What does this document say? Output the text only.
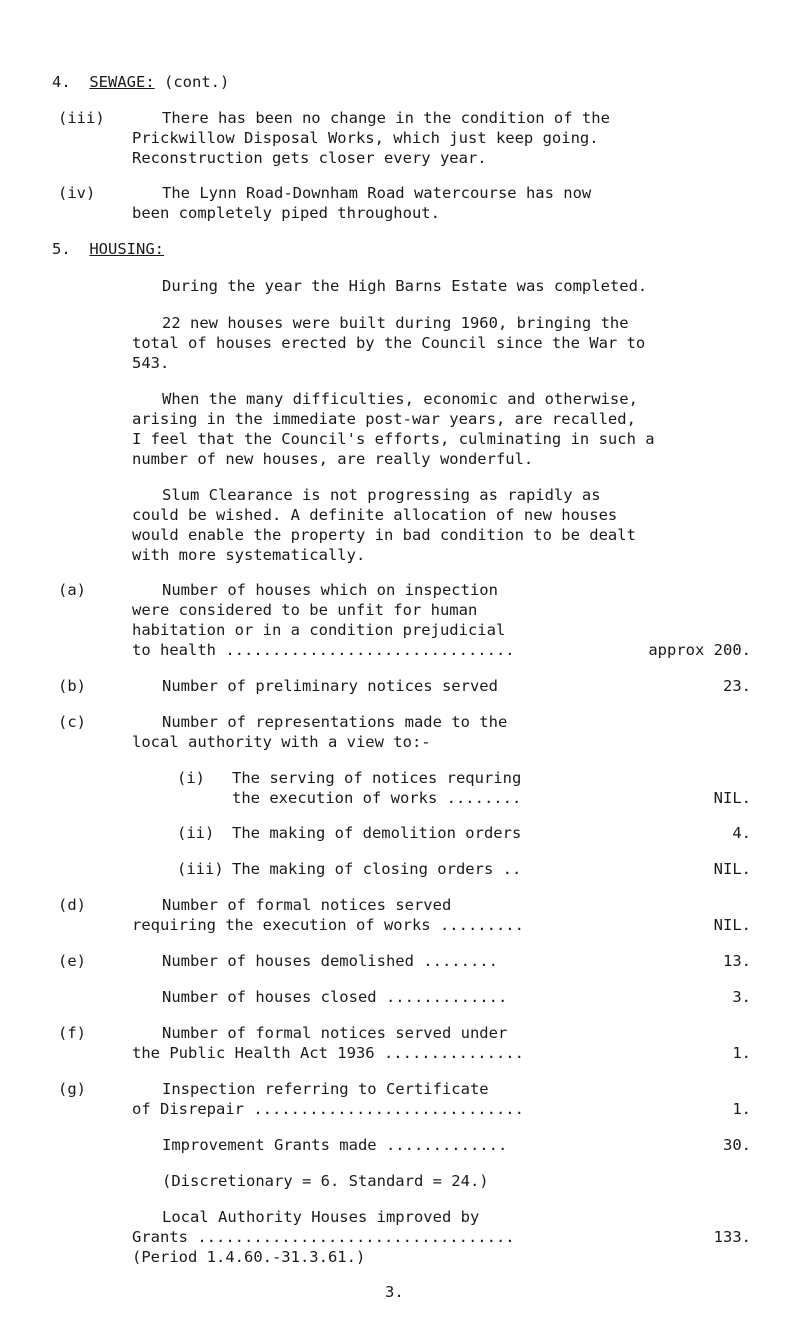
4. SEWAGE: (cont.)
(iii)	There has been no change in the condition of the
Prickwillow Disposal Works, which just keep going.
Reconstruction gets closer every year.
(iv)	The Lynn Road-Downham Road watercourse has now
been completely piped throughout.
5. HOUSING:
During the year the High Barns Estate was completed.
22 new houses were built during 1960, bringing the
total of houses erected by the Council since the War to
543.
When the many difficulties, economic and otherwise,
arising in the immediate post-war years, are recalled,
I feel that the Council's efforts, culminating in such a
number of new houses, are really wonderful.
Slum Clearance is not progressing as rapidly as
could be wished. A definite allocation of new houses
would enable the property in bad condition to be dealt
with more systematically.
(a)	Number of houses which on inspection
were considered to be unfit for human
habitation or in a condition prejudicial
to health ...............................	approx 200.
(b)	Number of preliminary notices served	23.
(c)	Number of representations made to the
local authority with a view to:-
(i) The serving of notices requring
the execution of works ........	NIL.
(ii) The making of demolition orders	4.
(iii) The making of closing orders ..	NIL.
(d)	Number of formal notices served
requiring the execution of works .........	NIL.
(e)	Number of houses demolished ........	13.
Number of houses closed .............	3.
(f)	Number of formal notices served under
the Public Health Act 1936 ...............	1.
(g)	Inspection referring to Certificate
of Disrepair .............................	1.
Improvement Grants made .............	30.
(Discretionary = 6. Standard = 24.)
Local Authority Houses improved by
Grants ..................................	133.
(Period 1.4.60.-31.3.61.)
3.
